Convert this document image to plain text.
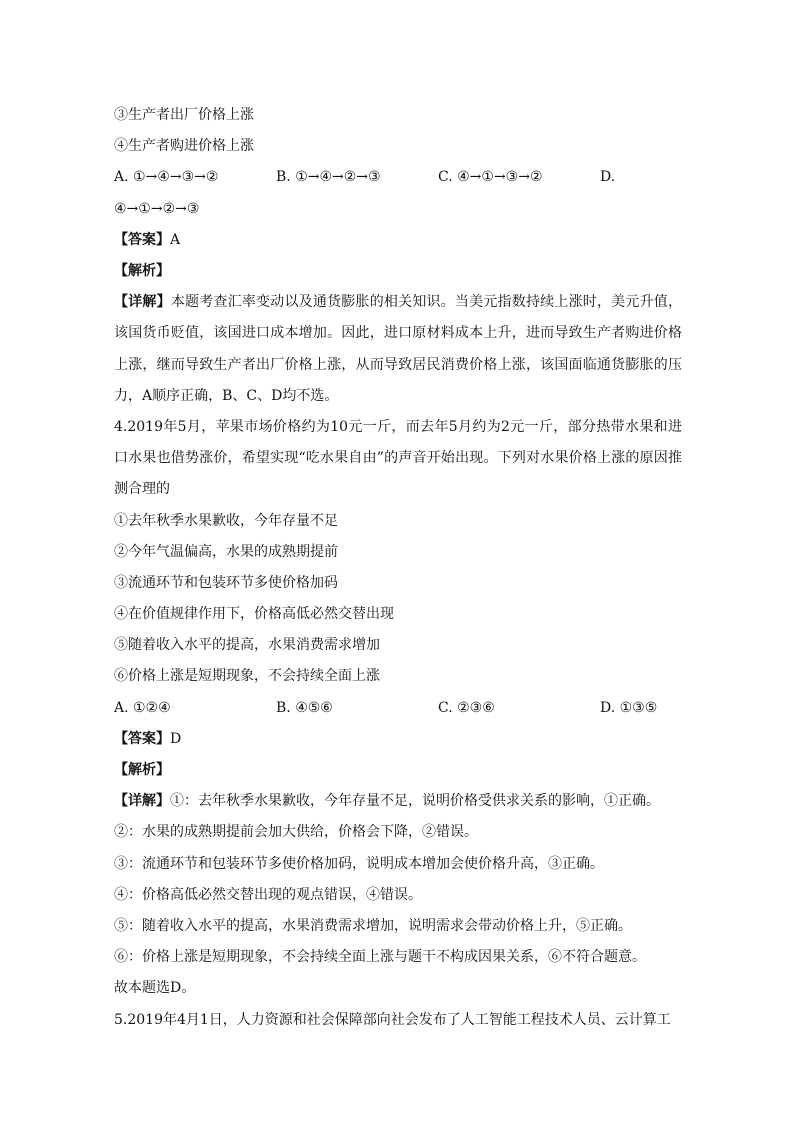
③生产者出厂价格上涨
④生产者购进价格上涨
A. ①→④→③→②	B. ①→④→②→③	C. ④→①→③→②	D.
④→①→②→③
【答案】A
【解析】
【详解】本题考查汇率变动以及通货膨胀的相关知识。当美元指数持续上涨时，美元升值，该国货币贬值，该国进口成本增加。因此，进口原材料成本上升，进而导致生产者购进价格上涨，继而导致生产者出厂价格上涨，从而导致居民消费价格上涨，该国面临通货膨胀的压力，A顺序正确，B、C、D均不选。
4.2019年5月，苹果市场价格约为10元一斤，而去年5月约为2元一斤，部分热带水果和进口水果也借势涨价，希望实现“吃水果自由”的声音开始出现。下列对水果价格上涨的原因推测合理的
①去年秋季水果歉收，今年存量不足
②今年气温偏高，水果的成熟期提前
③流通环节和包装环节多使价格加码
④在价值规律作用下，价格高低必然交替出现
⑤随着收入水平的提高，水果消费需求增加
⑥价格上涨是短期现象，不会持续全面上涨
A. ①②④	B. ④⑤⑥	C. ②③⑥	D. ①③⑤
【答案】D
【解析】
【详解】①：去年秋季水果歉收，今年存量不足，说明价格受供求关系的影响，①正确。
②：水果的成熟期提前会加大供给，价格会下降，②错误。
③：流通环节和包装环节多使价格加码，说明成本增加会使价格升高，③正确。
④：价格高低必然交替出现的观点错误，④错误。
⑤：随着收入水平的提高，水果消费需求增加，说明需求会带动价格上升，⑤正确。
⑥：价格上涨是短期现象，不会持续全面上涨与题干不构成因果关系，⑥不符合题意。
故本题选D。
5.2019年4月1日，人力资源和社会保障部向社会发布了人工智能工程技术人员、云计算工
